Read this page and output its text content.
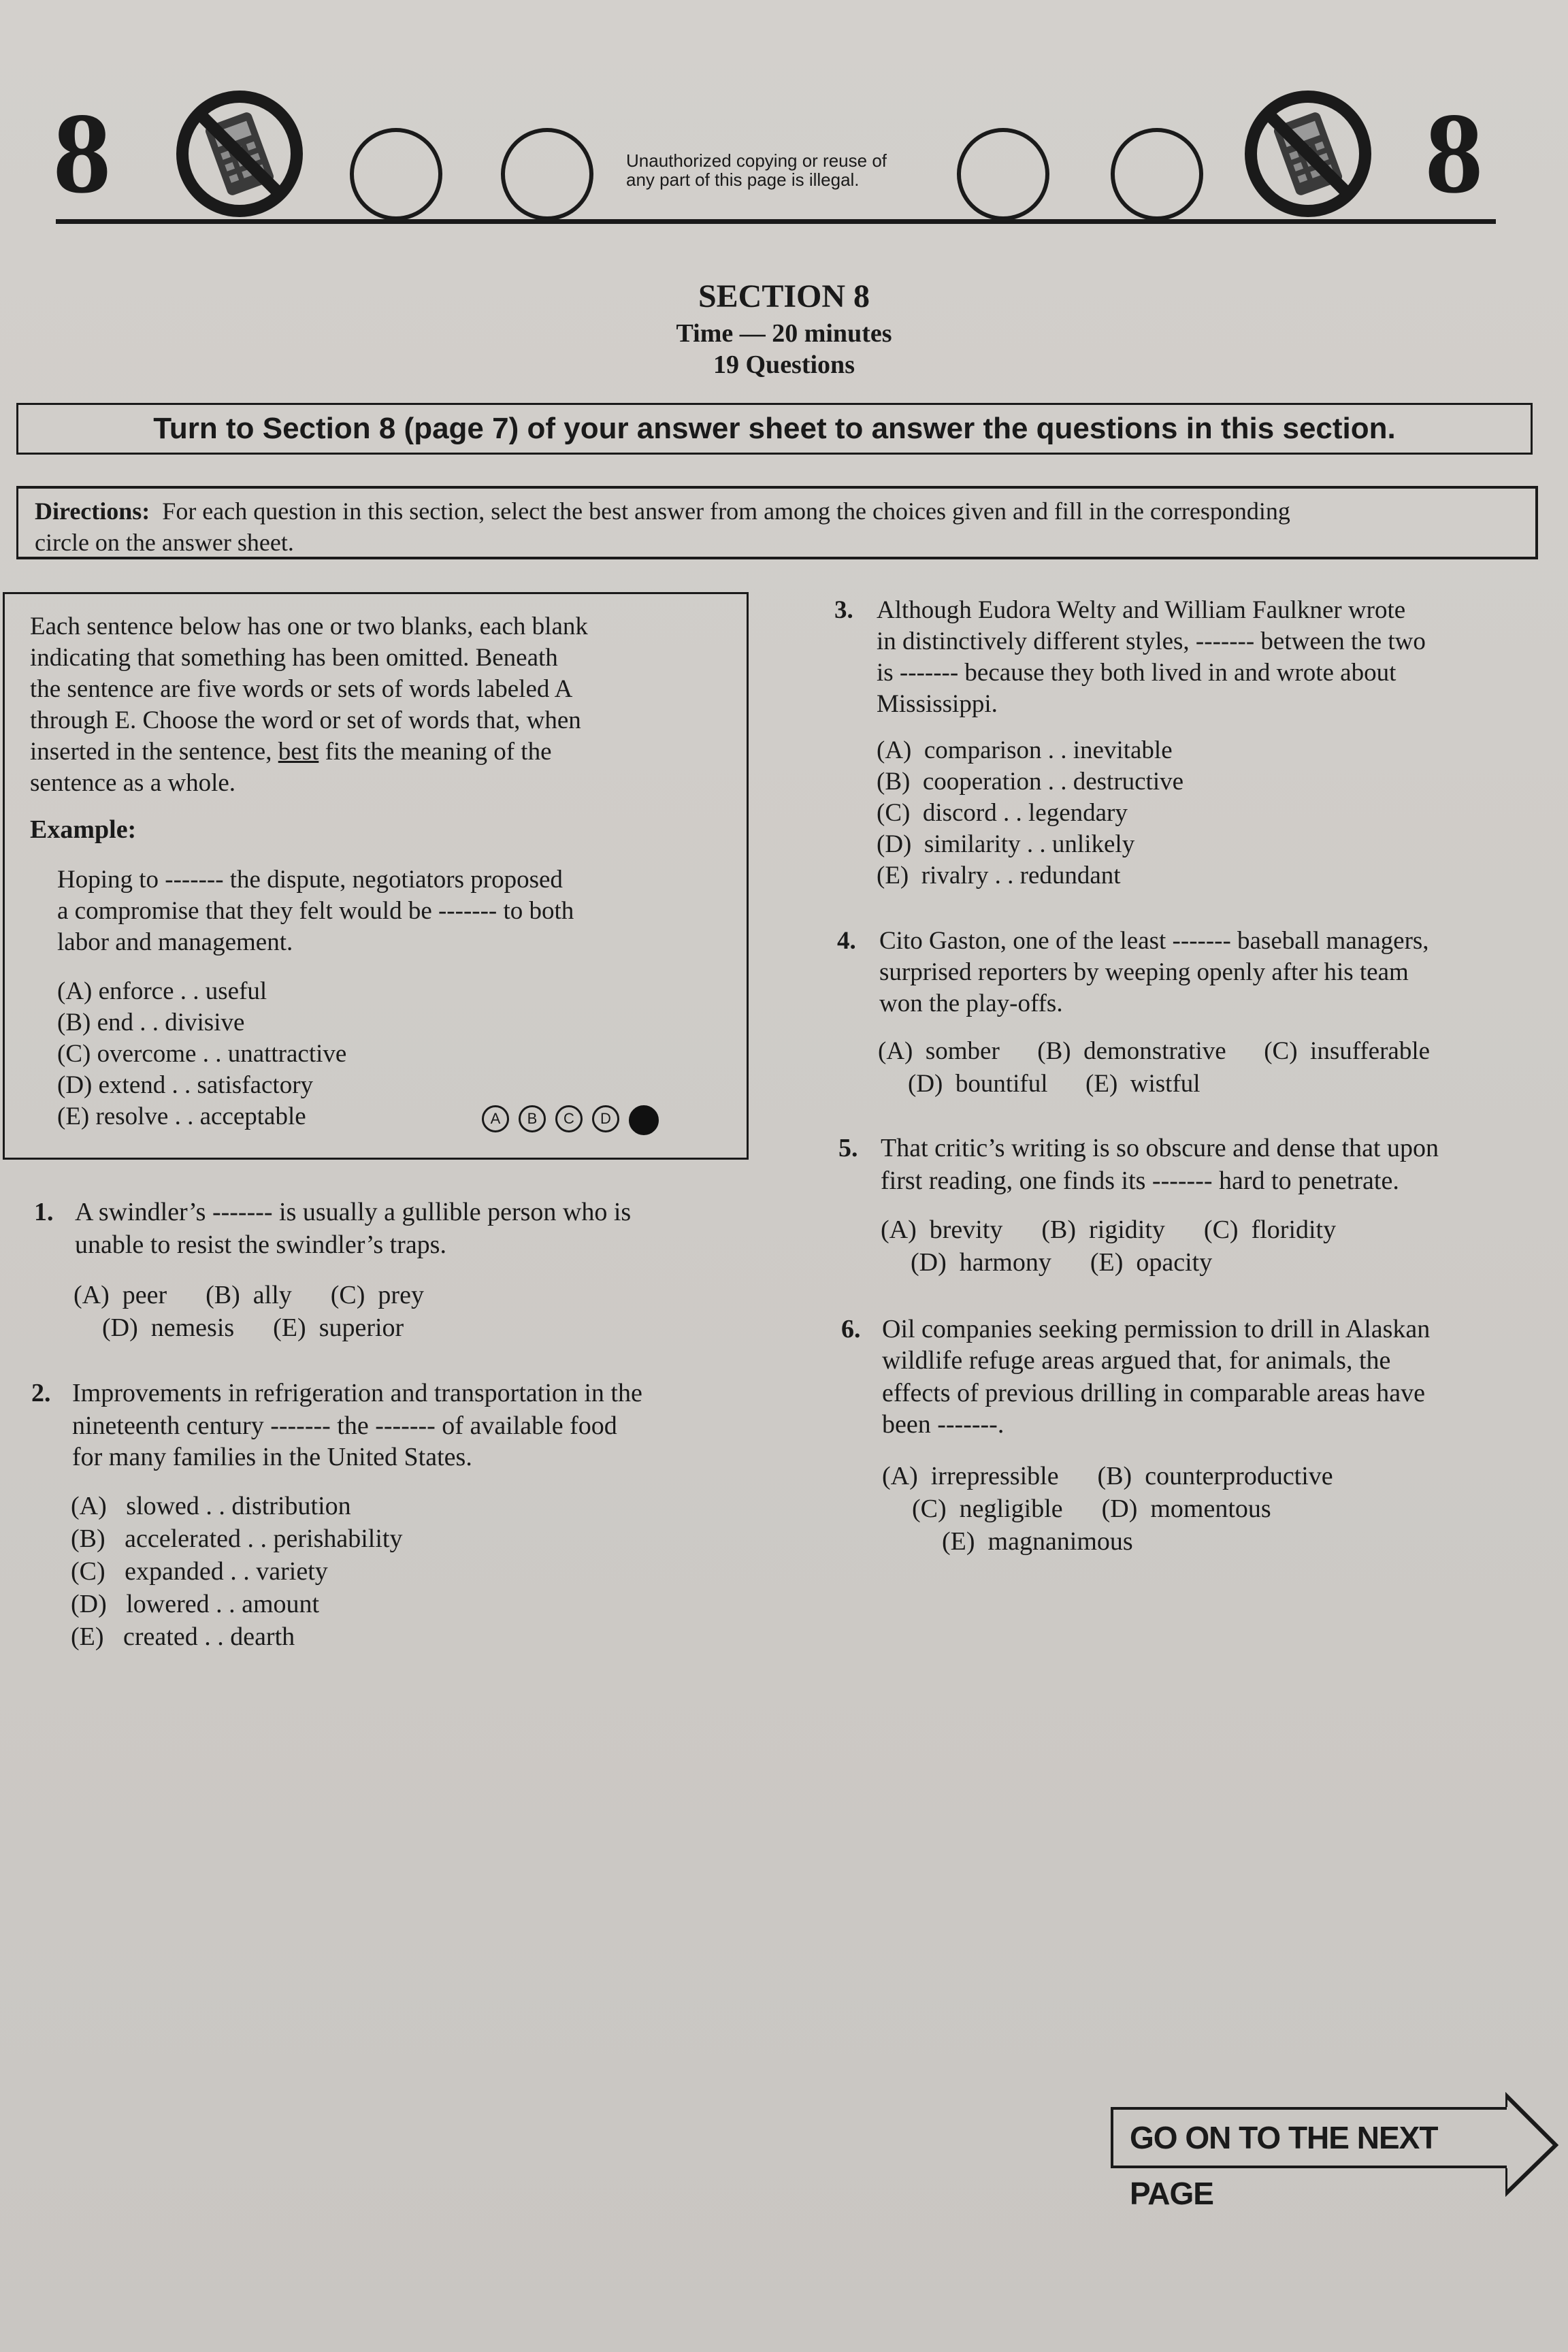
8	Unauthorized copying or reuse of
any part of this page is illegal.	8
SECTION 8
Time — 20 minutes
19 Questions
Turn to Section 8 (page 7) of your answer sheet to answer the questions in this section.
Directions: For each question in this section, select the best answer from among the choices given and fill in the corresponding
circle on the answer sheet.
Each sentence below has one or two blanks, each blank
indicating that something has been omitted. Beneath
the sentence are five words or sets of words labeled A
through E. Choose the word or set of words that, when
inserted in the sentence, best fits the meaning of the
sentence as a whole.
Example:
Hoping to ------- the dispute, negotiators proposed
a compromise that they felt would be ------- to both
labor and management.
(A) enforce . . useful
(B) end . . divisive
(C) overcome . . unattractive
(D) extend . . satisfactory
(E) resolve . . acceptable	A	B	C	D
1. A swindler’s ------- is usually a gullible person who is
unable to resist the swindler’s traps.
(A)  peer      (B)  ally      (C)  prey
(D)  nemesis      (E)  superior
2. Improvements in refrigeration and transportation in the
nineteenth century ------- the ------- of available food
for many families in the United States.
(A)   slowed . . distribution
(B)   accelerated . . perishability
(C)   expanded . . variety
(D)   lowered . . amount
(E)   created . . dearth
3. Although Eudora Welty and William Faulkner wrote
in distinctively different styles, ------- between the two
is ------- because they both lived in and wrote about
Mississippi.
(A)  comparison . . inevitable
(B)  cooperation . . destructive
(C)  discord . . legendary
(D)  similarity . . unlikely
(E)  rivalry . . redundant
4. Cito Gaston, one of the least ------- baseball managers,
surprised reporters by weeping openly after his team
won the play-offs.
(A)  somber      (B)  demonstrative      (C)  insufferable
(D)  bountiful      (E)  wistful
5. That critic’s writing is so obscure and dense that upon
first reading, one finds its ------- hard to penetrate.
(A)  brevity      (B)  rigidity      (C)  floridity
(D)  harmony      (E)  opacity
6. Oil companies seeking permission to drill in Alaskan
wildlife refuge areas argued that, for animals, the
effects of previous drilling in comparable areas have
been -------.
(A)  irrepressible      (B)  counterproductive
(C)  negligible      (D)  momentous
(E)  magnanimous
GO ON TO THE NEXT PAGE
